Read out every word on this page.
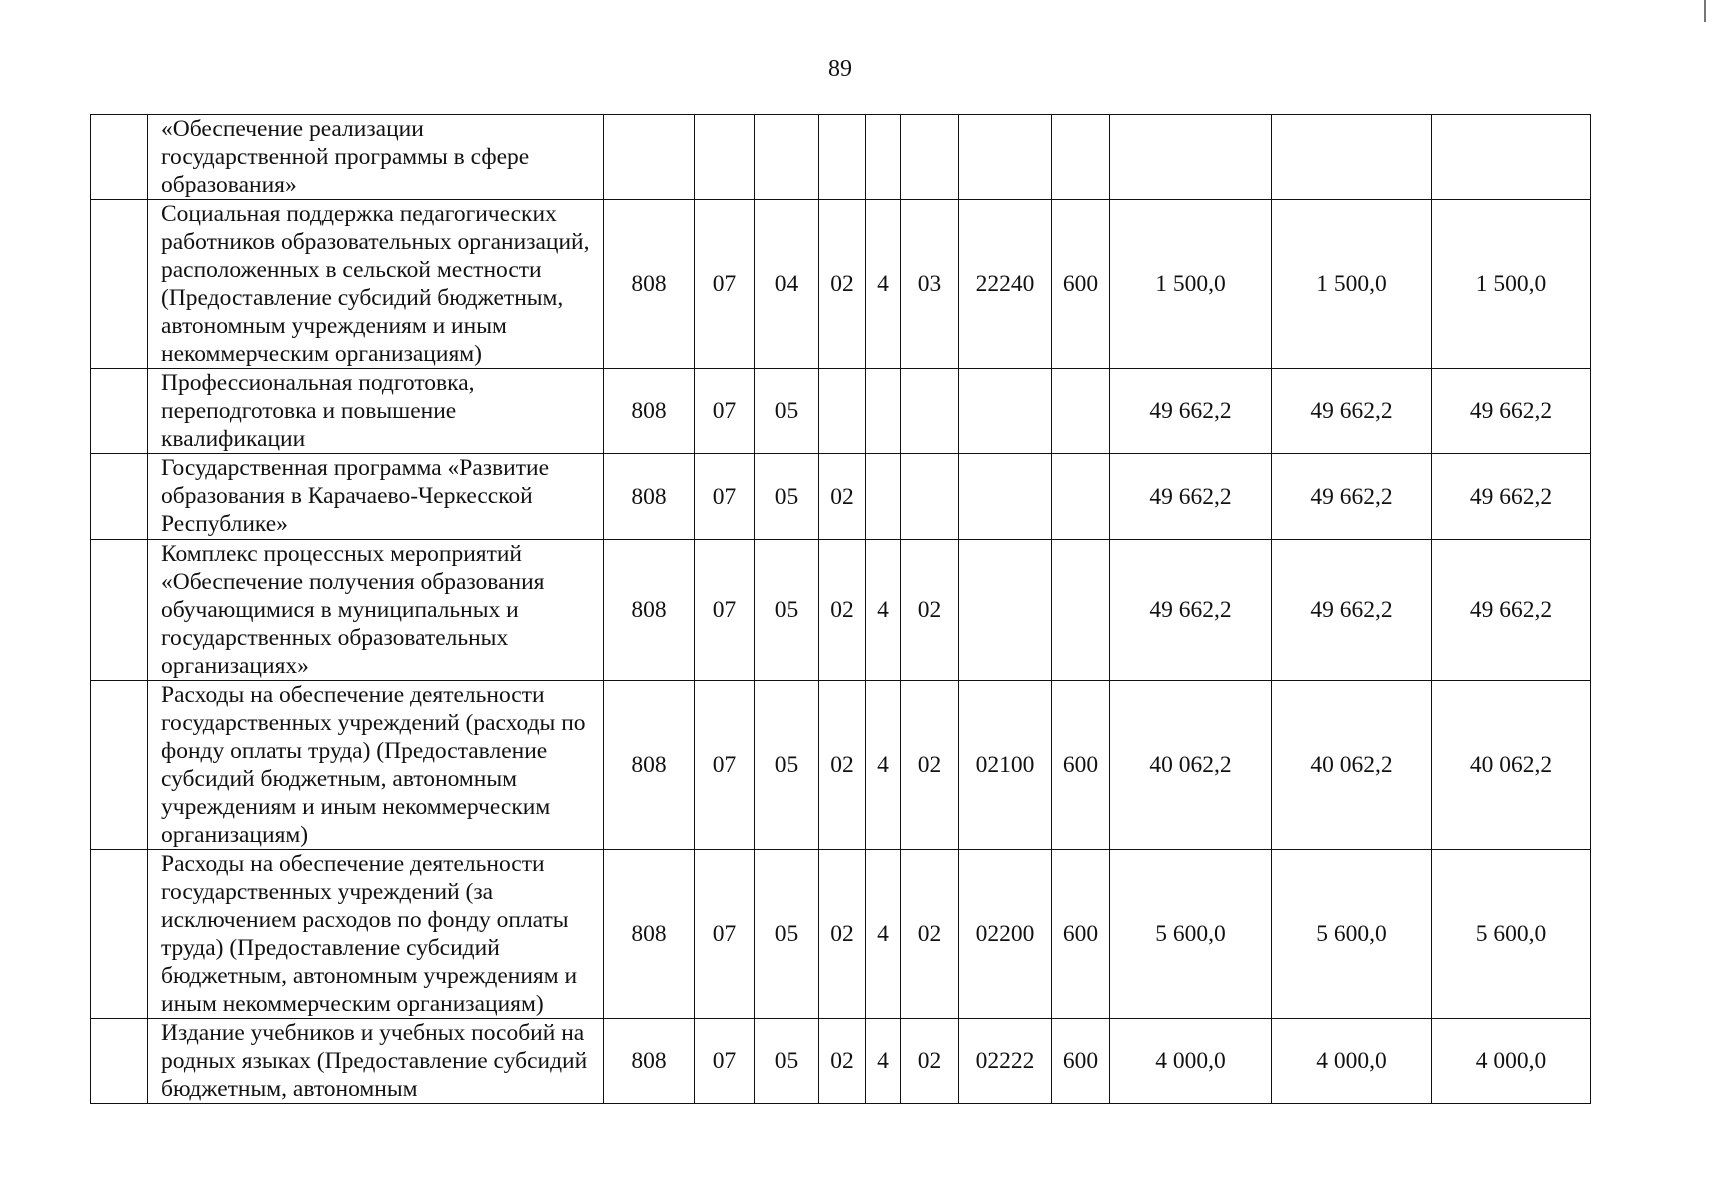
89
	«Обеспечение реализации государственной программы в сфере образования»											
	Социальная поддержка педагогических работников образовательных организаций, расположенных в сельской местности (Предоставление субсидий бюджетным, автономным учреждениям и иным некоммерческим организациям)	808	07	04	02	4	03	22240	600	1 500,0	1 500,0	1 500,0
	Профессиональная подготовка, переподготовка и повышение квалификации	808	07	05						49 662,2	49 662,2	49 662,2
	Государственная программа «Развитие образования в Карачаево-Черкесской Республике»	808	07	05	02					49 662,2	49 662,2	49 662,2
	Комплекс процессных мероприятий «Обеспечение получения образования обучающимися в муниципальных и государственных образовательных организациях»	808	07	05	02	4	02			49 662,2	49 662,2	49 662,2
	Расходы на обеспечение деятельности государственных учреждений (расходы по фонду оплаты труда) (Предоставление субсидий бюджетным, автономным учреждениям и иным некоммерческим организациям)	808	07	05	02	4	02	02100	600	40 062,2	40 062,2	40 062,2
	Расходы на обеспечение деятельности государственных учреждений (за исключением расходов по фонду оплаты труда) (Предоставление субсидий бюджетным, автономным учреждениям и иным некоммерческим организациям)	808	07	05	02	4	02	02200	600	5 600,0	5 600,0	5 600,0
	Издание учебников и учебных пособий на родных языках (Предоставление субсидий бюджетным, автономным	808	07	05	02	4	02	02222	600	4 000,0	4 000,0	4 000,0
